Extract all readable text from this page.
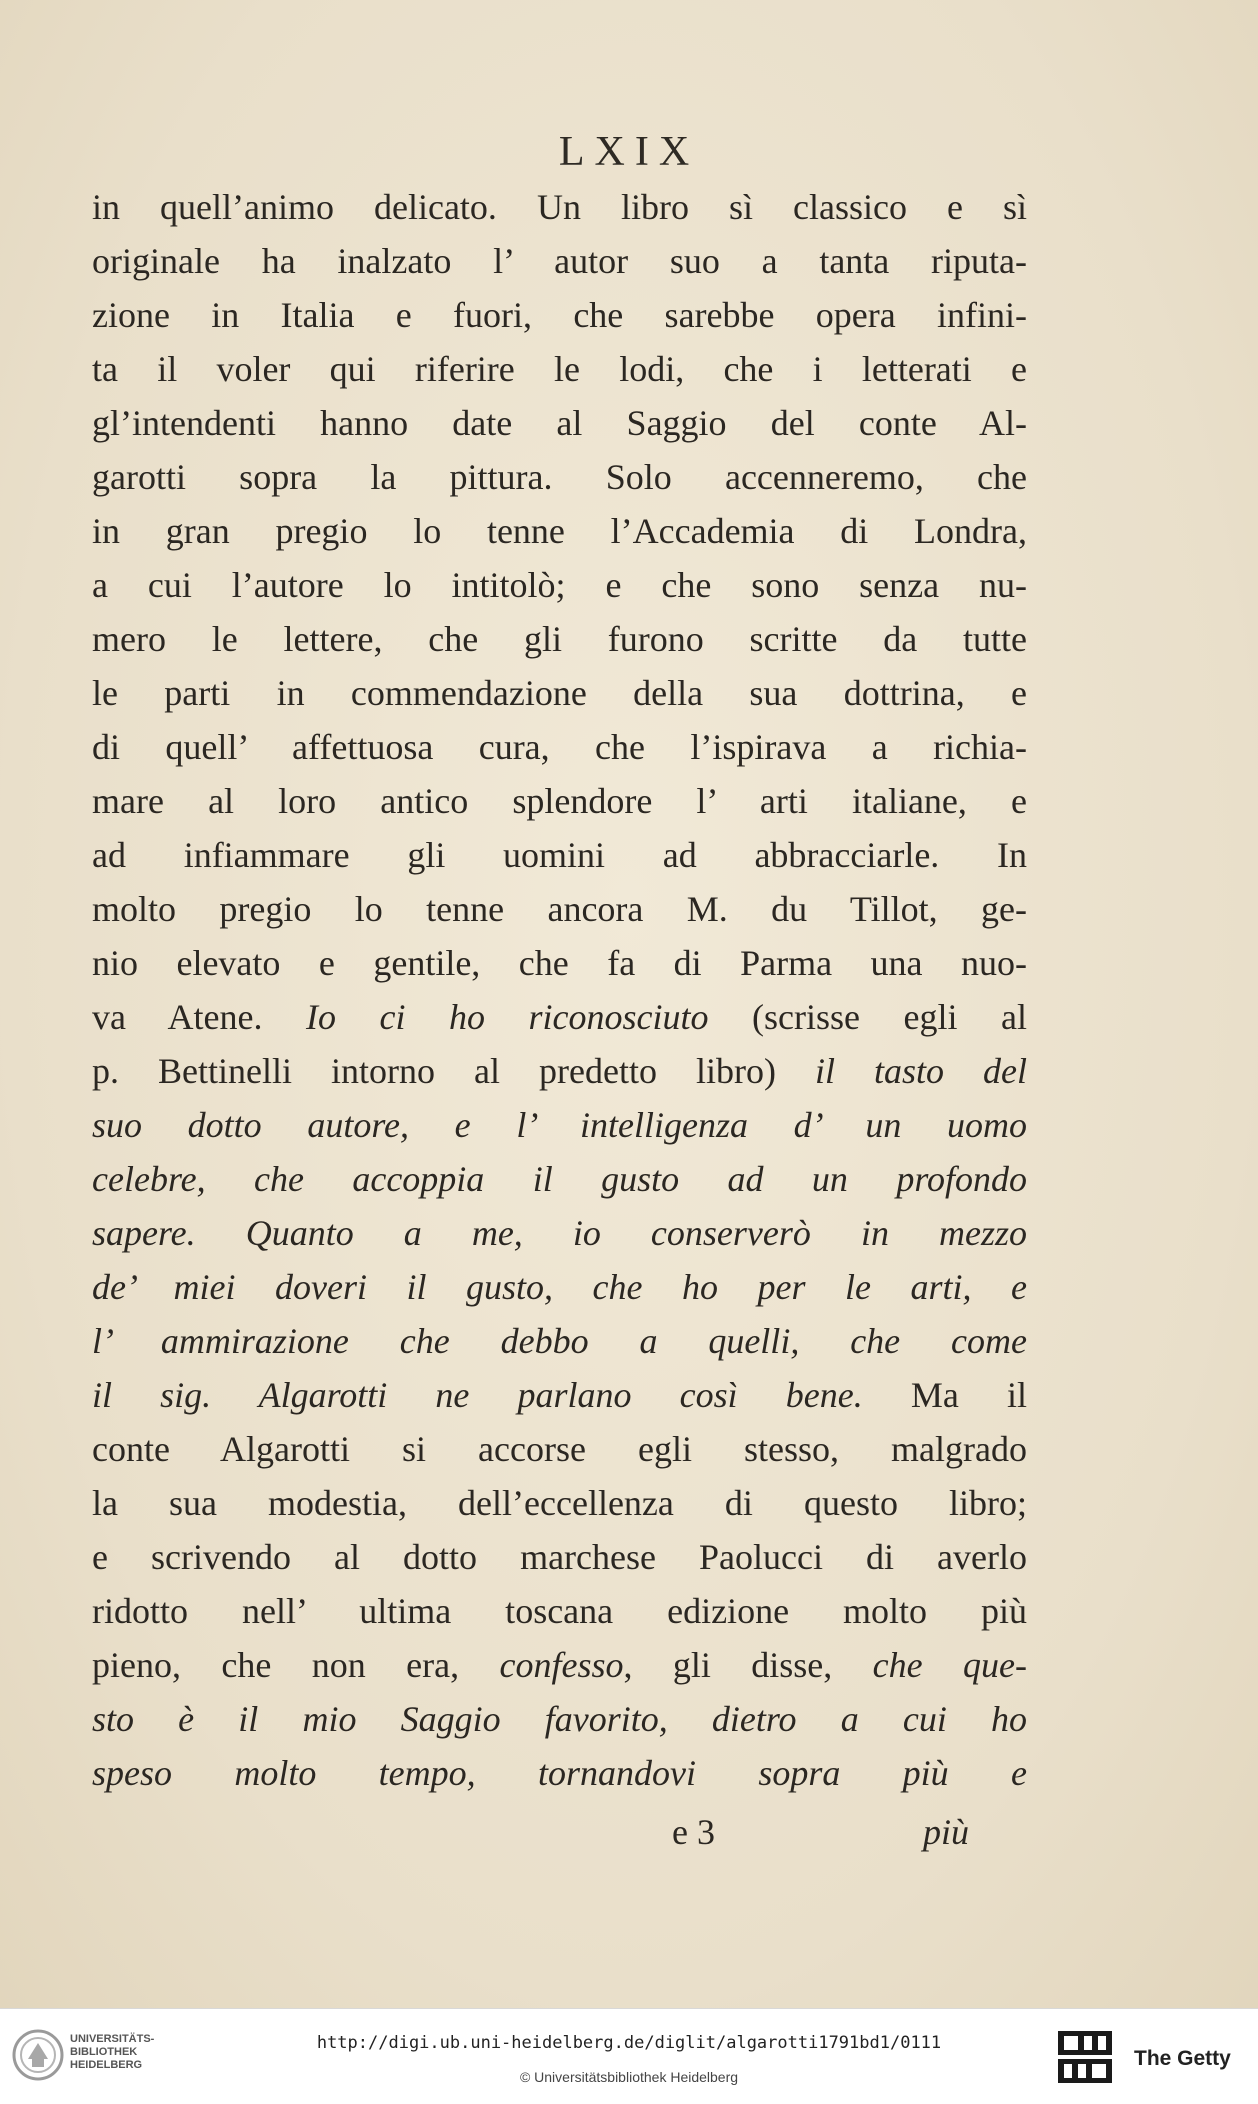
LXIX
in quell’animo delicato. Un libro sì classico e sì
originale ha inalzato l’ autor suo a tanta riputa-
zione in Italia e fuori, che sarebbe opera infini-
ta il voler qui riferire le lodi, che i letterati e
gl’intendenti hanno date al Saggio del conte Al-
garotti sopra la pittura. Solo accenneremo, che
in gran pregio lo tenne l’Accademia di Londra,
a cui l’autore lo intitolò; e che sono senza nu-
mero le lettere, che gli furono scritte da tutte
le parti in commendazione della sua dottrina, e
di quell’ affettuosa cura, che l’ispirava a richia-
mare al loro antico splendore l’ arti italiane, e
ad infiammare gli uomini ad abbracciarle. In
molto pregio lo tenne ancora M. du Tillot, ge-
nio elevato e gentile, che fa di Parma una nuo-
va Atene. Io ci ho riconosciuto (scrisse egli al
p. Bettinelli intorno al predetto libro) il tasto del
suo dotto autore, e l’ intelligenza d’ un uomo
celebre, che accoppia il gusto ad un profondo
sapere. Quanto a me, io conserverò in mezzo
de’ miei doveri il gusto, che ho per le arti, e
l’ ammirazione che debbo a quelli, che come
il sig. Algarotti ne parlano così bene. Ma il
conte Algarotti si accorse egli stesso, malgrado
la sua modestia, dell’eccellenza di questo libro;
e scrivendo al dotto marchese Paolucci di averlo
ridotto nell’ ultima toscana edizione molto più
pieno, che non era, confesso, gli disse, che que-
sto è il mio Saggio favorito, dietro a cui ho
speso molto tempo, tornandovi sopra più e
e 3	più
UNIVERSITÄTS-
BIBLIOTHEK
HEIDELBERG
http://digi.ub.uni-heidelberg.de/diglit/algarotti1791bd1/0111
© Universitätsbibliothek Heidelberg
The Getty
